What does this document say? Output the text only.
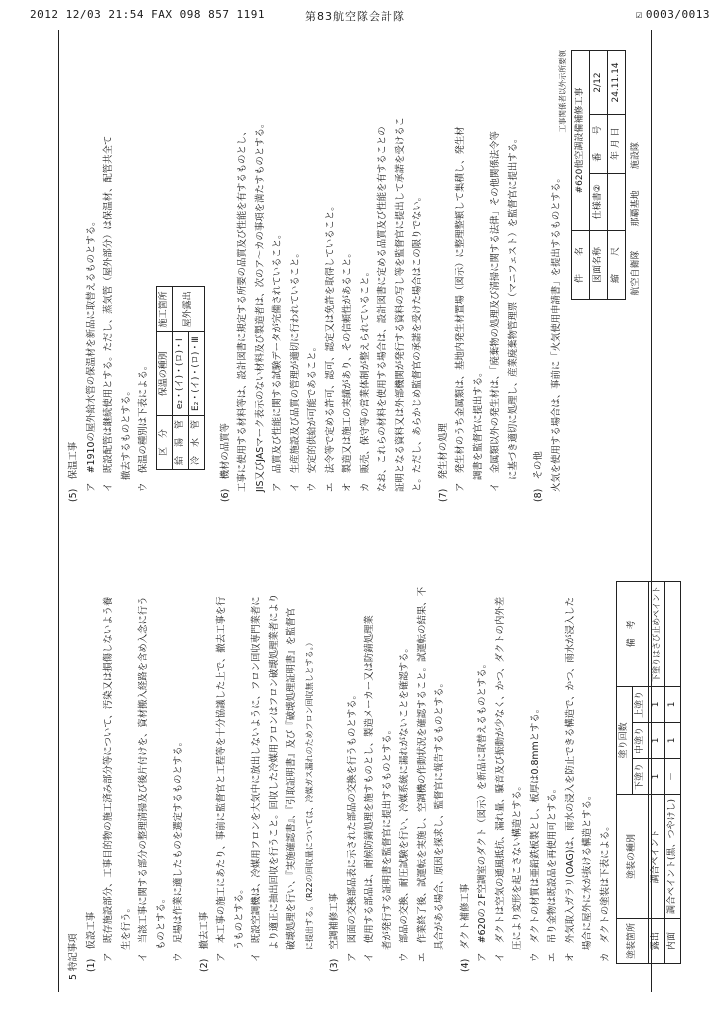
2012 12/03 21:54 FAX 098 857 1191	第83航空隊会計隊	☑ 0003/0013

5 特記事項 (1)　仮設工事 ア　既存施設部分、工事目的物の施工済み部分等について、汚染又は損傷しないよう養 生を行う。 イ　当該工事に関する部分の整理清掃及び後片付けを、資材搬入経路を含め入念に行う ものとする。 ウ　足場は作業に適したものを選定するものとする。	(2)　撤去工事 ア　本工事の施工にあたり、事前に監督官と工程等を十分協議した上で、撤去工事を行 うものとする。 イ　既設空調機は、冷媒用フロンを大気中に放出しないように、フロン回収専門業者に より適正に抽出回収を行うこと。回収した冷媒用フロンはフロン破壊処理業者により 破壊処理を行い、『実施確認書』、『引取証明書』及び『破壊処理証明書』を監督官 に提出する。（R22の回収量については、冷媒ガス漏れのためフロン回収無しとする。）	(3)　空調補修工事 ア　図面の交換部品表に示された部品の交換を行うものとする。 イ　使用する部品は、耐候防錆処理を施すものとし、製造メーカー又は防錆処理業 者が発行する証明書を監督官に提出するものとする。 ウ　部品の交換、耐圧試験を行い、冷媒系統に漏れがないことを確認する。 エ　作業終了後、試運転を実施し、空調機の作動状況を確認すること。試運転の結果、不 具合がある場合、原因を探求し、監督官に報告するものとする。	(4)　ダクト補修工事 ア　#620の２F空調室のダクト（図示）を新品に取替えるものとする。 イ　ダクトは空気の通風抵抗、漏れ量、騒音及び振動が少なく、かつ、ダクトの内外差 圧により変形を起こさない構造とする。 ウ　ダクトの材質は亜鉛鉄板製とし、板厚は0.8mmとする。 エ　吊り金物は既設品を再使用可とする。 オ　外気取入ガラリ(OAG)は、雨水の浸入を防止できる構造で、かつ、雨水が浸入した 場合に屋外に水が抜ける構造とする。 カ　ダクトの塗装は下表による。	塗装箇所	塗装の種別	塗り回数			備　考
		下塗り	中塗り	上塗り	
露出	調合ペイント	1	1	1	下塗りはさび止めペイント
内面	調合ペイント(黒、つやけし)	－	1	1	

(5)　保温工事 ア　#1910の屋外給水管の保温材を新品に取替えるものとする。 イ　既設配管は継続使用とする。ただし、蒸気管（屋外部分）は保温材、配管共全て 撤去するものとする。 ウ　保温の種別は下表による。	区　分	保温の種別	施工箇所
給　湯　管	e₂・(イ)・(ロ)・Ⅰ	屋外露出
冷　水　管	E₂・(イ)・(ロ)・Ⅲ	

(6)　機材の品質等 工事に使用する材料等は、設計図書に規定する所要の品質及び性能を有するものとし、 JIS又びJASマーク表示のない材料及び製造者は、次のア～カの事項を満たすものとする。 ア　品質及び性能に関する試験データが完備されていること。 イ　生産施設及び品質の管理が適切に行われていること。 ウ　安定的供給が可能であること。 エ　法令等で定める許可、認可、認定又は免許を取得していること。 オ　製造又は施工の実績があり、その信頼性があること。 カ　販売、保守等の営業体制が整えられていること。 なお、これらの材料を使用する場合は、設計図書に定める品質及び性能を有することの 証明となる資料又は外部機関が発行する資料の写し等を監督官に提出して承諾を受けるこ と。ただし、あらかじめ監督官の承諾を受けた場合はこの限りでない。	(7)　発生材の処理 ア　発生材のうち金属類は、基地内発生材置場（図示）に整理整頓して集積し、発生材 調書を監督官に提出する。 イ　金属類以外の発生材は、「廃棄物の処理及び清掃に関する法律」その他関係法令等 に基づき適切に処理し、産業廃棄物管理票（マニフェスト）を監督官に提出する。	(8)　その他 火気を使用する場合は、事前に「火気使用申請書」を提出するものとする。

工事関係者以外示所要領
件　　名	#620他空調設備補修工事		
図面名称	仕様書②	番　　号	2/12
縮　　尺		年 月 日	24.11.14
航空自衛隊	那覇基地	施設隊	
